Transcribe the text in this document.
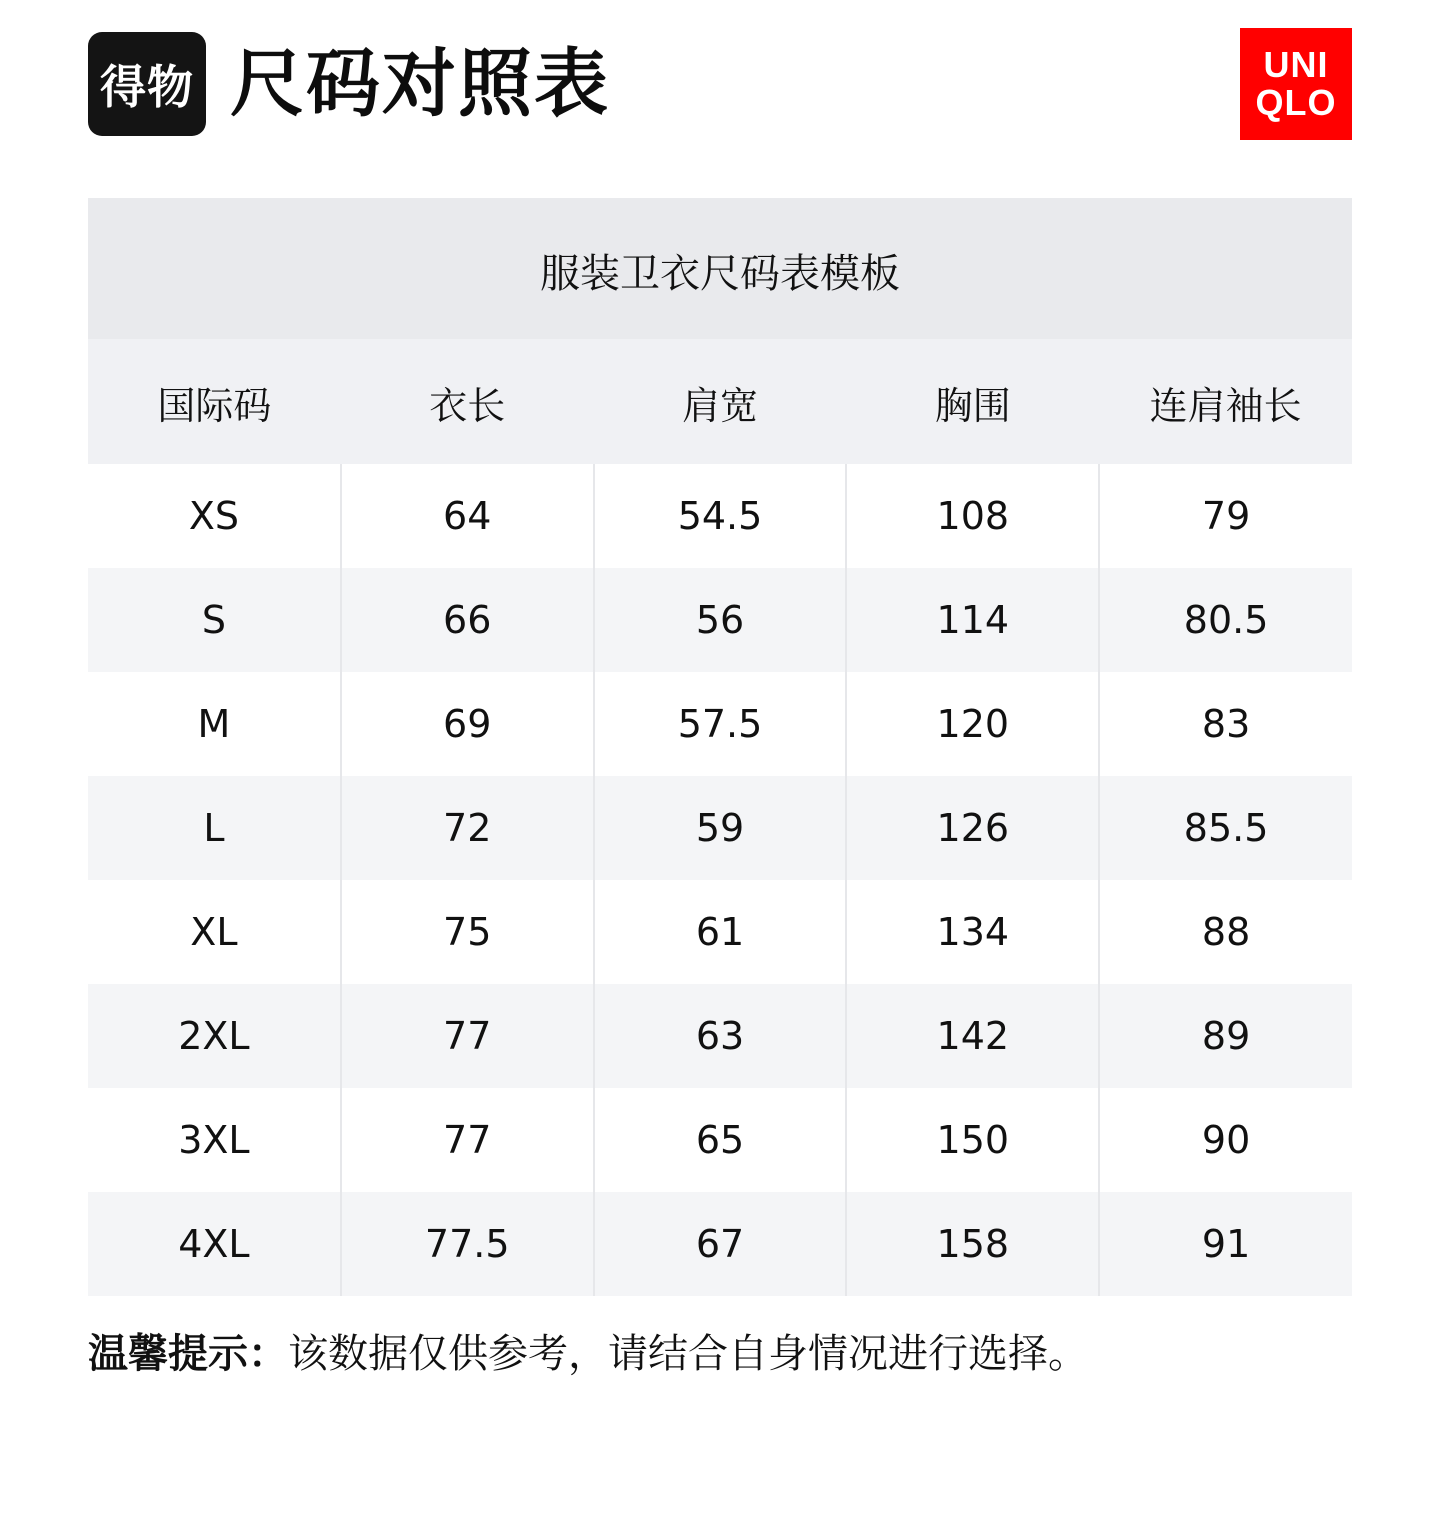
得物 尺码对照表	UNI
QLO
服装卫衣尺码表模板
国际码	衣长	肩宽	胸围	连肩袖长
XS	64	54.5	108	79
S	66	56	114	80.5
M	69	57.5	120	83
L	72	59	126	85.5
XL	75	61	134	88
2XL	77	63	142	89
3XL	77	65	150	90
4XL	77.5	67	158	91
温馨提示：该数据仅供参考，请结合自身情况进行选择。
